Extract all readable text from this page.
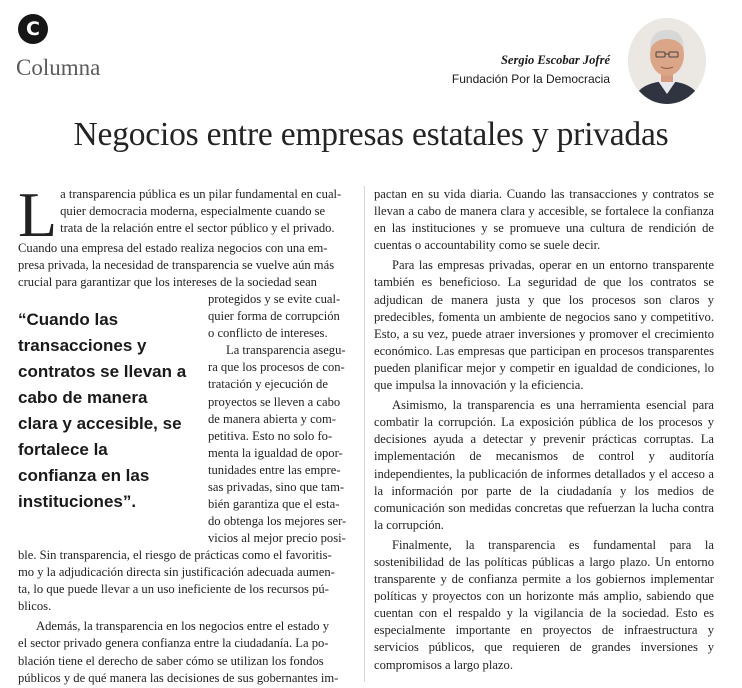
C
Columna	Sergio Escobar Jofré
Fundación Por la Democracia
Negocios entre empresas estatales y privadas
L a transparencia pública es un pilar fundamental en cual-
quier democracia moderna, especialmente cuando se
trata de la relación entre el sector público y el privado.
Cuando una empresa del estado realiza negocios con una em-
presa privada, la necesidad de transparencia se vuelve aún más
crucial para garantizar que los intereses de la sociedad sean
“Cuando las transacciones y contratos se llevan a cabo de manera clara y accesible, se fortalece la confianza en las instituciones”.
protegidos y se evite cual-
quier forma de corrupción
o conflicto de intereses.
La transparencia asegu-
ra que los procesos de con-
tratación y ejecución de
proyectos se lleven a cabo
de manera abierta y com-
petitiva. Esto no solo fo-
menta la igualdad de opor-
tunidades entre las empre-
sas privadas, sino que tam-
bién garantiza que el esta-
do obtenga los mejores ser-
vicios al mejor precio posi-
ble. Sin transparencia, el riesgo de prácticas como el favoritis-
mo y la adjudicación directa sin justificación adecuada aumen-
ta, lo que puede llevar a un uso ineficiente de los recursos pú-
blicos.
Además, la transparencia en los negocios entre el estado y
el sector privado genera confianza entre la ciudadanía. La po-
blación tiene el derecho de saber cómo se utilizan los fondos
públicos y de qué manera las decisiones de sus gobernantes im-

pactan en su vida diaria. Cuando las transacciones y contratos se llevan a cabo de manera clara y accesible, se fortalece la confianza en las instituciones y se promueve una cultura de rendición de cuentas o accountability como se suele decir.

Para las empresas privadas, operar en un entorno transparente también es beneficioso. La seguridad de que los contratos se adjudican de manera justa y que los procesos son claros y predecibles, fomenta un ambiente de negocios sano y competitivo. Esto, a su vez, puede atraer inversiones y promover el crecimiento económico. Las empresas que participan en procesos transparentes pueden planificar mejor y competir en igualdad de condiciones, lo que impulsa la innovación y la eficiencia.

Asimismo, la transparencia es una herramienta esencial para combatir la corrupción. La exposición pública de los procesos y decisiones ayuda a detectar y prevenir prácticas corruptas. La implementación de mecanismos de control y auditoría independientes, la publicación de informes detallados y el acceso a la información por parte de la ciudadanía y los medios de comunicación son medidas concretas que refuerzan la lucha contra la corrupción.

Finalmente, la transparencia es fundamental para la sostenibilidad de las políticas públicas a largo plazo. Un entorno transparente y de confianza permite a los gobiernos implementar políticas y proyectos con un horizonte más amplio, sabiendo que cuentan con el respaldo y la vigilancia de la sociedad. Esto es especialmente importante en proyectos de infraestructura y servicios públicos, que requieren de grandes inversiones y compromisos a largo plazo.
